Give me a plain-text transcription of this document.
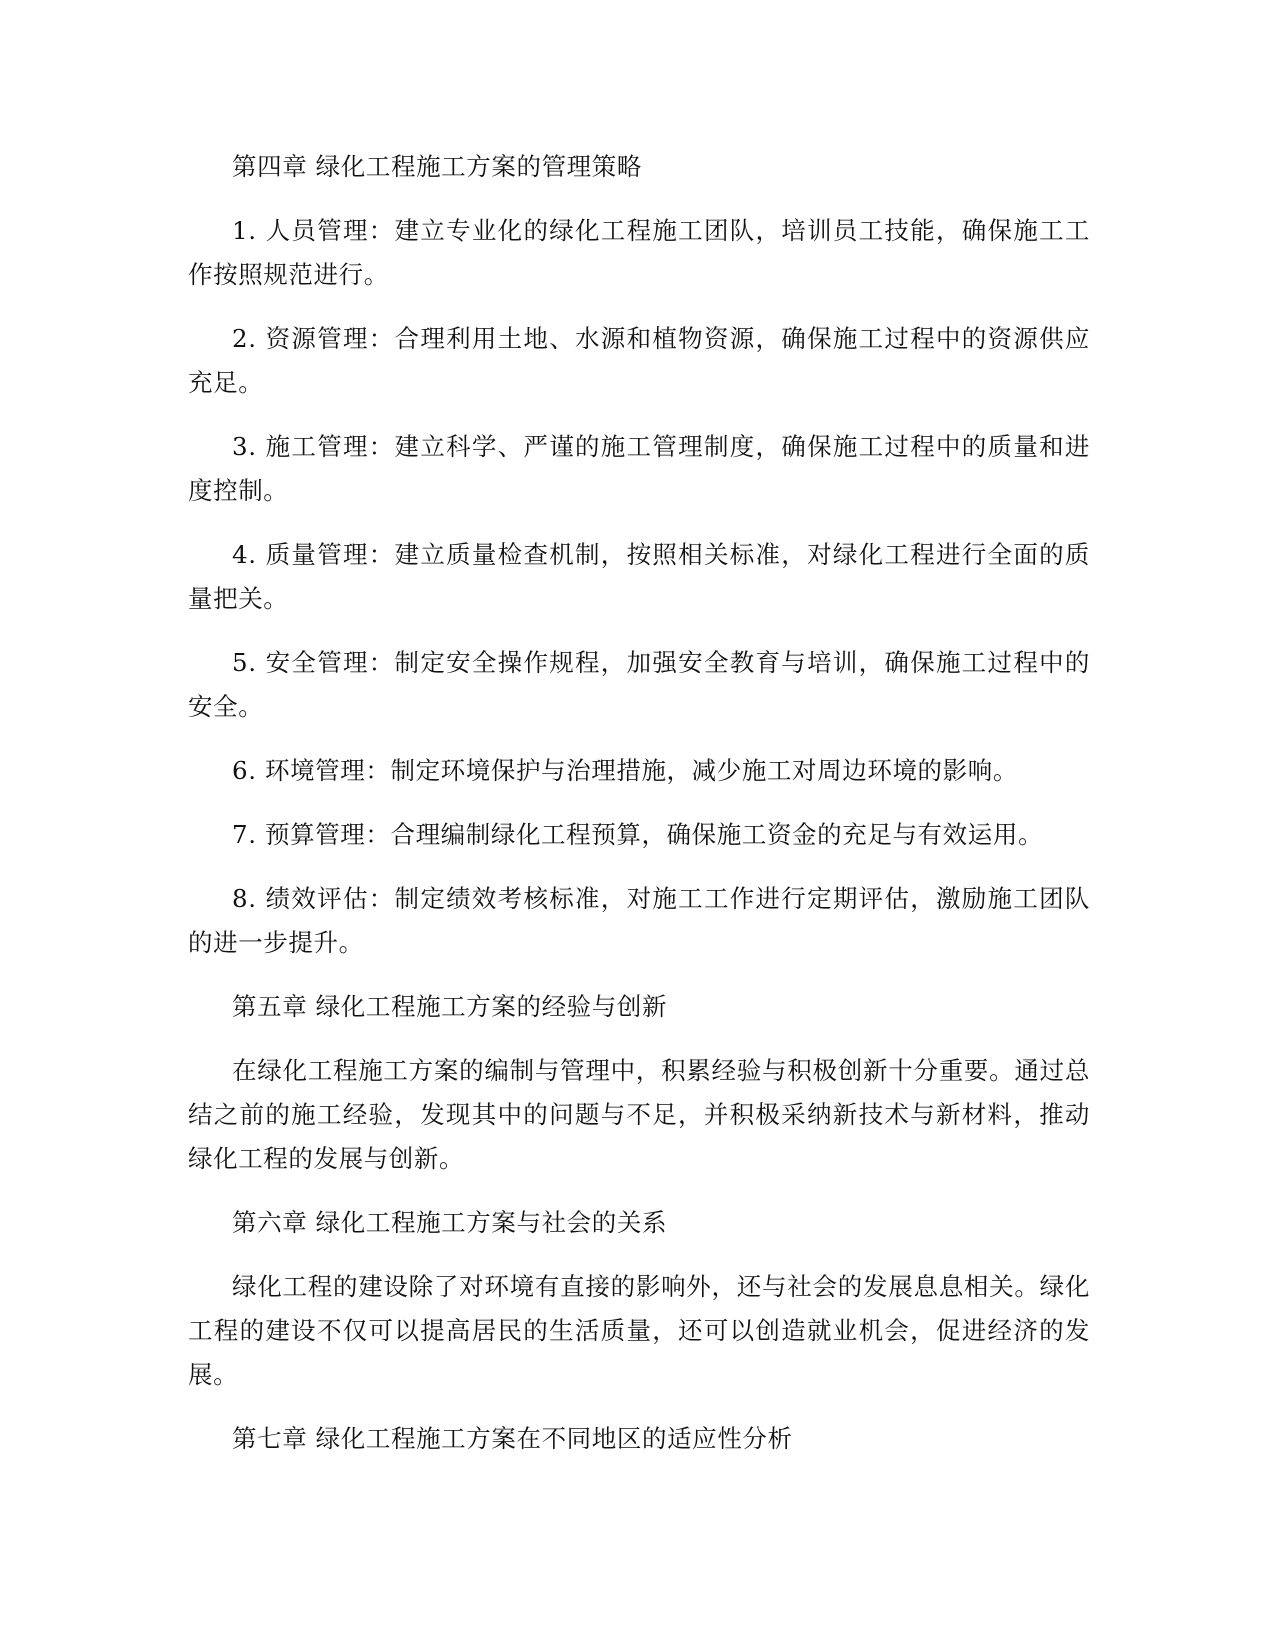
第四章 绿化工程施工方案的管理策略

1. 人员管理：建立专业化的绿化工程施工团队，培训员工技能，确保施工工作按照规范进行。

2. 资源管理：合理利用土地、水源和植物资源，确保施工过程中的资源供应充足。

3. 施工管理：建立科学、严谨的施工管理制度，确保施工过程中的质量和进度控制。

4. 质量管理：建立质量检查机制，按照相关标准，对绿化工程进行全面的质量把关。

5. 安全管理：制定安全操作规程，加强安全教育与培训，确保施工过程中的安全。

6. 环境管理：制定环境保护与治理措施，减少施工对周边环境的影响。

7. 预算管理：合理编制绿化工程预算，确保施工资金的充足与有效运用。

8. 绩效评估：制定绩效考核标准，对施工工作进行定期评估，激励施工团队的进一步提升。

第五章 绿化工程施工方案的经验与创新

在绿化工程施工方案的编制与管理中，积累经验与积极创新十分重要。通过总结之前的施工经验，发现其中的问题与不足，并积极采纳新技术与新材料，推动绿化工程的发展与创新。

第六章 绿化工程施工方案与社会的关系

绿化工程的建设除了对环境有直接的影响外，还与社会的发展息息相关。绿化工程的建设不仅可以提高居民的生活质量，还可以创造就业机会，促进经济的发展。

第七章 绿化工程施工方案在不同地区的适应性分析
